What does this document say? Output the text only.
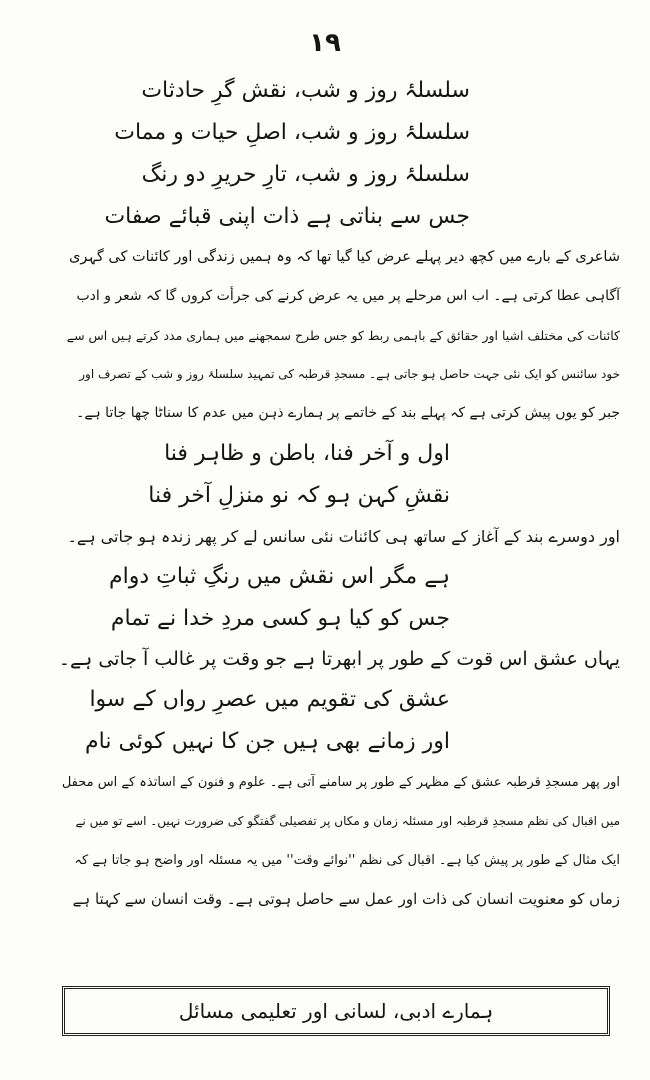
۱۹

سلسلۂ روز و شب، نقش گرِ حادثات

سلسلۂ روز و شب، اصلِ حیات و ممات

سلسلۂ روز و شب، تارِ حریرِ دو رنگ

جس سے بناتی ہے ذات اپنی قبائے صفات

شاعری کے بارے میں کچھ دیر پہلے عرض کیا گیا تھا کہ وہ ہمیں زندگی اور کائنات کی گہری
آگاہی عطا کرتی ہے۔ اب اس مرحلے پر میں یہ عرض کرنے کی جرأت کروں گا کہ شعر و ادب
کائنات کی مختلف اشیا اور حقائق کے باہمی ربط کو جس طرح سمجھنے میں ہماری مدد کرتے ہیں اس سے
خود سائنس کو ایک نئی جہت حاصل ہو جاتی ہے۔ مسجدِ قرطبہ کی تمہید سلسلۂ روز و شب کے تصرف اور
جبر کو یوں پیش کرتی ہے کہ پہلے بند کے خاتمے پر ہمارے ذہن میں عدم کا سناٹا چھا جاتا ہے۔

اول و آخر فنا، باطن و ظاہر فنا

نقشِ کہن ہو کہ نو منزلِ آخر فنا

اور دوسرے بند کے آغاز کے ساتھ ہی کائنات نئی سانس لے کر پھر زندہ ہو جاتی ہے۔

ہے مگر اس نقش میں رنگِ ثباتِ دوام

جس کو کیا ہو کسی مردِ خدا نے تمام

یہاں عشق اس قوت کے طور پر ابھرتا ہے جو وقت پر غالب آ جاتی ہے۔

عشق کی تقویم میں عصرِ رواں کے سوا

اور زمانے بھی ہیں جن کا نہیں کوئی نام

اور پھر مسجدِ قرطبہ عشق کے مظہر کے طور پر سامنے آتی ہے۔ علوم و فنون کے اساتذہ کے اس محفل
میں اقبال کی نظم مسجدِ قرطبہ اور مسئلہ زمان و مکاں پر تفصیلی گفتگو کی ضرورت نہیں۔ اسے تو میں نے
ایک مثال کے طور پر پیش کیا ہے۔ اقبال کی نظم ''نوائے وقت'' میں یہ مسئلہ اور واضح ہو جاتا ہے کہ
زماں کو معنویت انسان کی ذات اور عمل سے حاصل ہوتی ہے۔ وقت انسان سے کہتا ہے
ہمارے ادبی، لسانی اور تعلیمی مسائل
